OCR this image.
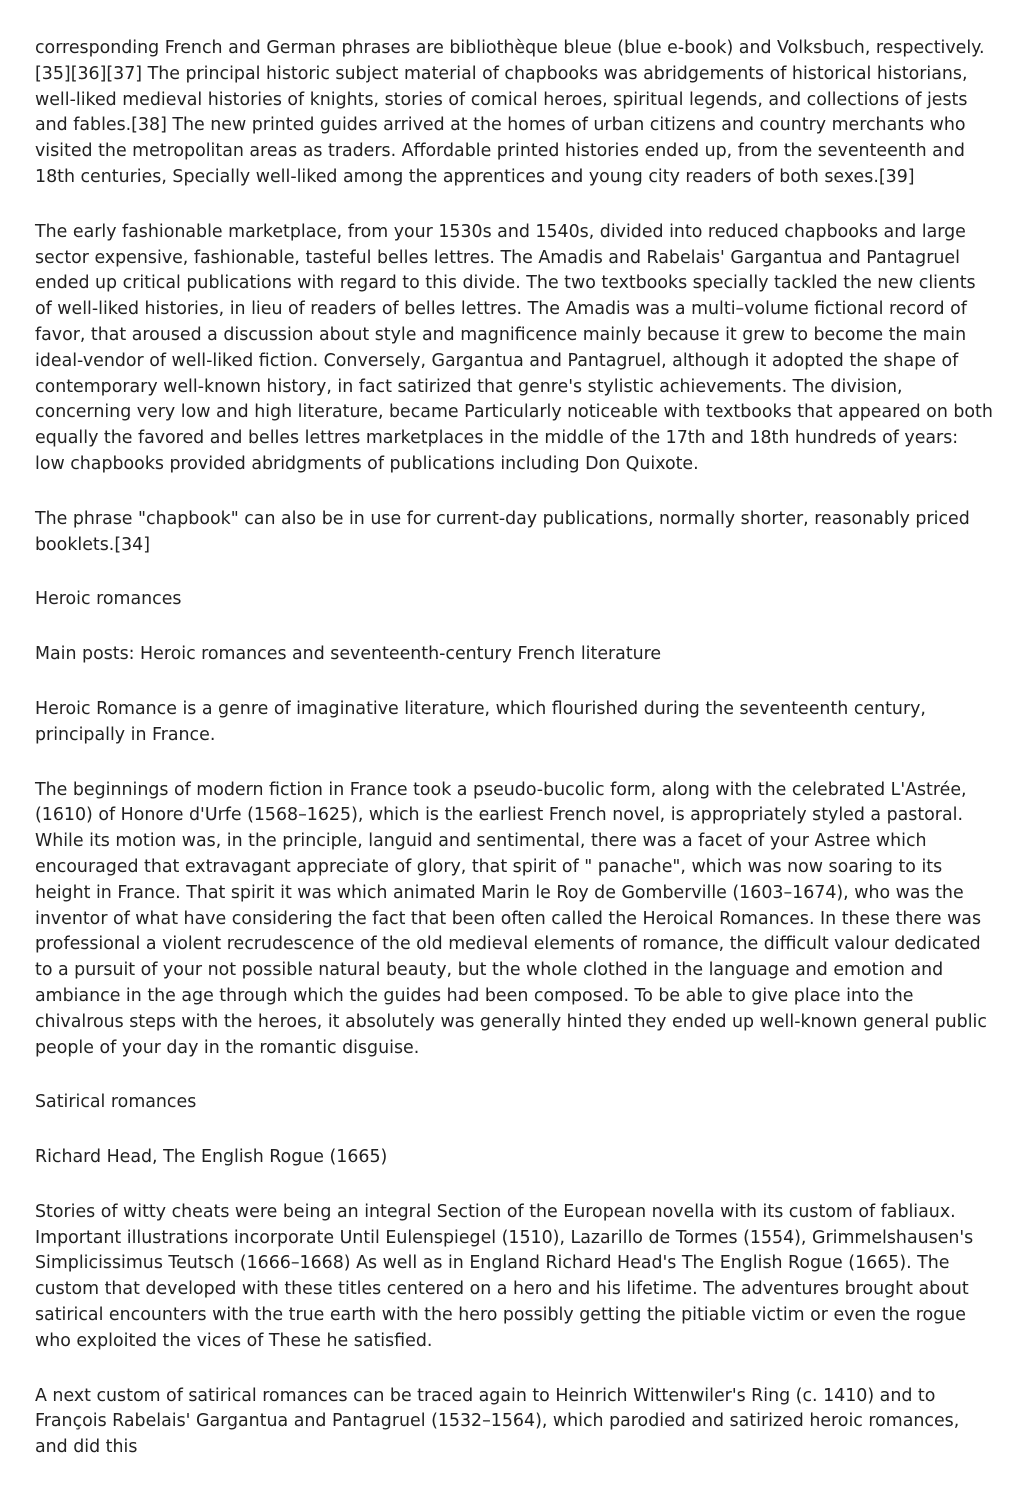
corresponding French and German phrases are bibliothèque bleue (blue e-book) and Volksbuch, respectively.[35][36][37] The principal historic subject material of chapbooks was abridgements of historical historians, well-liked medieval histories of knights, stories of comical heroes, spiritual legends, and collections of jests and fables.[38] The new printed guides arrived at the homes of urban citizens and country merchants who visited the metropolitan areas as traders. Affordable printed histories ended up, from the seventeenth and 18th centuries, Specially well-liked among the apprentices and young city readers of both sexes.[39]

The early fashionable marketplace, from your 1530s and 1540s, divided into reduced chapbooks and large sector expensive, fashionable, tasteful belles lettres. The Amadis and Rabelais' Gargantua and Pantagruel ended up critical publications with regard to this divide. The two textbooks specially tackled the new clients of well-liked histories, in lieu of readers of belles lettres. The Amadis was a multi–volume fictional record of favor, that aroused a discussion about style and magnificence mainly because it grew to become the main ideal-vendor of well-liked fiction. Conversely, Gargantua and Pantagruel, although it adopted the shape of contemporary well-known history, in fact satirized that genre's stylistic achievements. The division, concerning very low and high literature, became Particularly noticeable with textbooks that appeared on both equally the favored and belles lettres marketplaces in the middle of the 17th and 18th hundreds of years: low chapbooks provided abridgments of publications including Don Quixote.

The phrase "chapbook" can also be in use for current-day publications, normally shorter, reasonably priced booklets.[34]

Heroic romances

Main posts: Heroic romances and seventeenth-century French literature

Heroic Romance is a genre of imaginative literature, which flourished during the seventeenth century, principally in France.

The beginnings of modern fiction in France took a pseudo-bucolic form, along with the celebrated L'Astrée, (1610) of Honore d'Urfe (1568–1625), which is the earliest French novel, is appropriately styled a pastoral. While its motion was, in the principle, languid and sentimental, there was a facet of your Astree which encouraged that extravagant appreciate of glory, that spirit of " panache", which was now soaring to its height in France. That spirit it was which animated Marin le Roy de Gomberville (1603–1674), who was the inventor of what have considering the fact that been often called the Heroical Romances. In these there was professional a violent recrudescence of the old medieval elements of romance, the difficult valour dedicated to a pursuit of your not possible natural beauty, but the whole clothed in the language and emotion and ambiance in the age through which the guides had been composed. To be able to give place into the chivalrous steps with the heroes, it absolutely was generally hinted they ended up well-known general public people of your day in the romantic disguise.

Satirical romances

Richard Head, The English Rogue (1665)

Stories of witty cheats were being an integral Section of the European novella with its custom of fabliaux. Important illustrations incorporate Until Eulenspiegel (1510), Lazarillo de Tormes (1554), Grimmelshausen's Simplicissimus Teutsch (1666–1668) As well as in England Richard Head's The English Rogue (1665). The custom that developed with these titles centered on a hero and his lifetime. The adventures brought about satirical encounters with the true earth with the hero possibly getting the pitiable victim or even the rogue who exploited the vices of These he satisfied.

A next custom of satirical romances can be traced again to Heinrich Wittenwiler's Ring (c. 1410) and to François Rabelais' Gargantua and Pantagruel (1532–1564), which parodied and satirized heroic romances, and did this
